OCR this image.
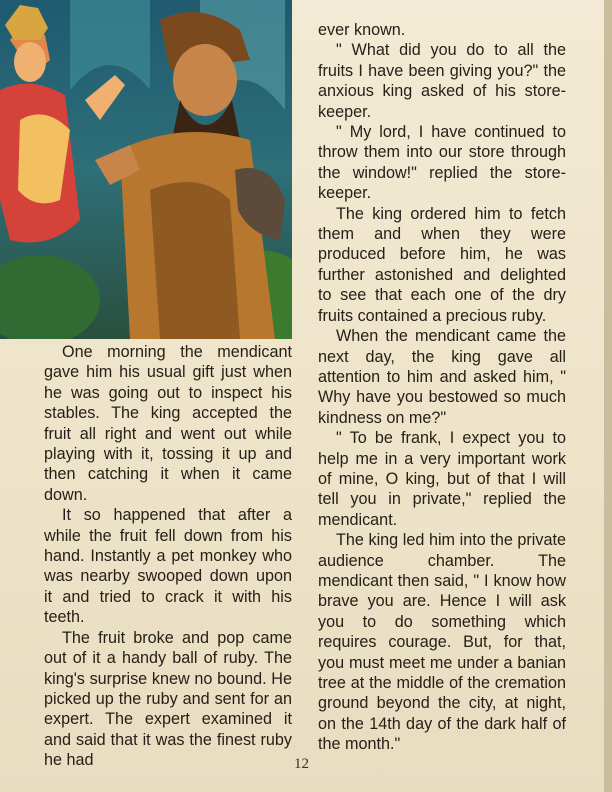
One morning the mendicant gave him his usual gift just when he was going out to inspect his stables. The king accepted the fruit all right and went out while playing with it, tossing it up and then catching it when it came down.

It so happened that after a while the fruit fell down from his hand. Instantly a pet monkey who was nearby swooped down upon it and tried to crack it with his teeth.

The fruit broke and pop came out of it a handy ball of ruby. The king's surprise knew no bound. He picked up the ruby and sent for an expert. The expert examined it and said that it was the finest ruby he had

ever known.

" What did you do to all the fruits I have been giving you?" the anxious king asked of his store-keeper.

" My lord, I have continued to throw them into our store through the window!" replied the store-keeper.

The king ordered him to fetch them and when they were produced before him, he was further astonished and delighted to see that each one of the dry fruits contained a precious ruby.

When the mendicant came the next day, the king gave all attention to him and asked him, " Why have you bestowed so much kindness on me?"

" To be frank, I expect you to help me in a very important work of mine, O king, but of that I will tell you in private," replied the mendicant.

The king led him into the private audience chamber. The mendicant then said, " I know how brave you are. Hence I will ask you to do something which requires courage. But, for that, you must meet me under a banian tree at the middle of the cremation ground beyond the city, at night, on the 14th day of the dark half of the month."

12
